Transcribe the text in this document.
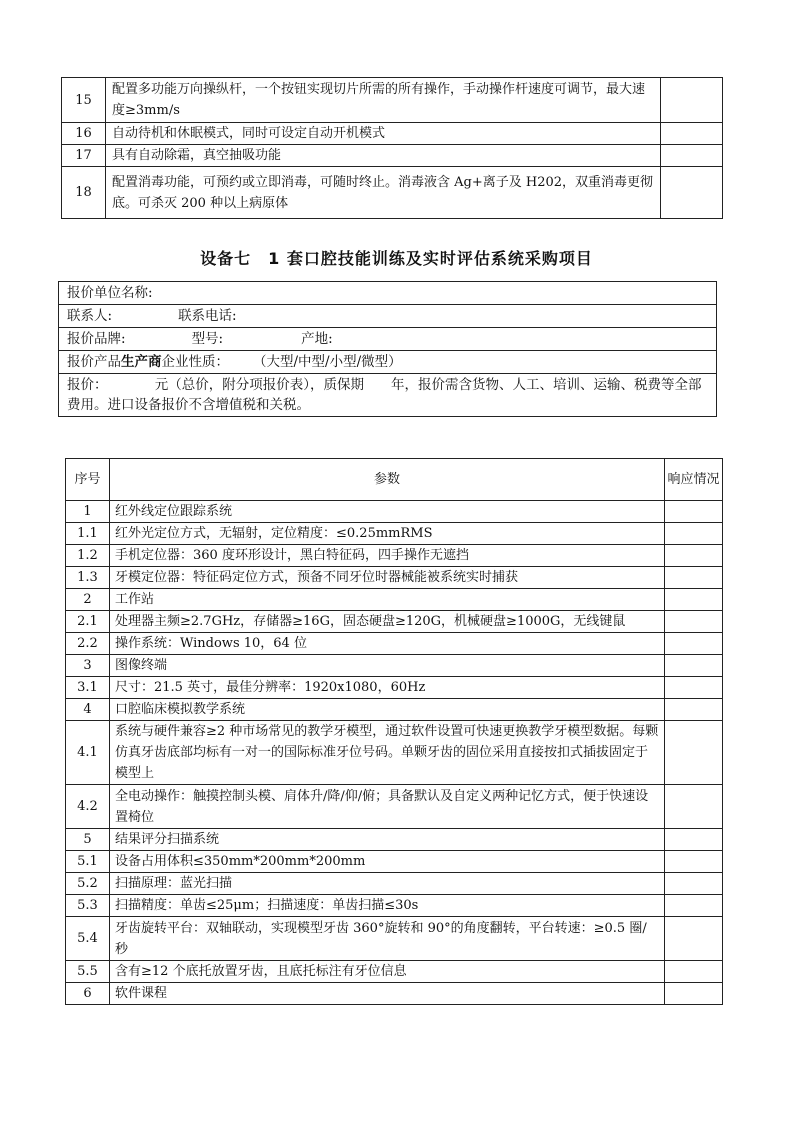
15	配置多功能万向操纵杆，一个按钮实现切片所需的所有操作，手动操作杆速度可调节，最大速度≥3mm/s	
16	自动待机和休眠模式，同时可设定自动开机模式	
17	具有自动除霜，真空抽吸功能	
18	配置消毒功能，可预约或立即消毒，可随时终止。消毒液含 Ag+离子及 H202，双重消毒更彻底。可杀灭 200 种以上病原体	
设备七　1 套口腔技能训练及实时评估系统采购项目
报价单位名称:
联系人:	联系电话:
报价品牌:	型号:	产地:
报价产品生产商企业性质： （大型/中型/小型/微型）
报价：　　　　元（总价，附分项报价表），质保期　　年，报价需含货物、人工、培训、运输、税费等全部费用。进口设备报价不含增值税和关税。
序号	参数	响应情况
1	红外线定位跟踪系统	
1.1	红外光定位方式，无辐射，定位精度：≤0.25mmRMS	
1.2	手机定位器：360 度环形设计，黑白特征码，四手操作无遮挡	
1.3	牙模定位器：特征码定位方式，预备不同牙位时器械能被系统实时捕获	
2	工作站	
2.1	处理器主频≥2.7GHz，存储器≥16G，固态硬盘≥120G，机械硬盘≥1000G，无线键鼠	
2.2	操作系统：Windows 10，64 位	
3	图像终端	
3.1	尺寸：21.5 英寸，最佳分辨率：1920x1080，60Hz	
4	口腔临床模拟教学系统	
4.1	系统与硬件兼容≥2 种市场常见的教学牙模型，通过软件设置可快速更换教学牙模型数据。每颗仿真牙齿底部均标有一对一的国际标准牙位号码。单颗牙齿的固位采用直接按扣式插拔固定于模型上	
4.2	全电动操作：触摸控制头模、肩体升/降/仰/俯；具备默认及自定义两种记忆方式，便于快速设置椅位	
5	结果评分扫描系统	
5.1	设备占用体积≤350mm*200mm*200mm	
5.2	扫描原理：蓝光扫描	
5.3	扫描精度：单齿≤25μm；扫描速度：单齿扫描≤30s	
5.4	牙齿旋转平台：双轴联动，实现模型牙齿 360°旋转和 90°的角度翻转，平台转速：≥0.5 圈/秒	
5.5	含有≥12 个底托放置牙齿，且底托标注有牙位信息	
6	软件课程	
